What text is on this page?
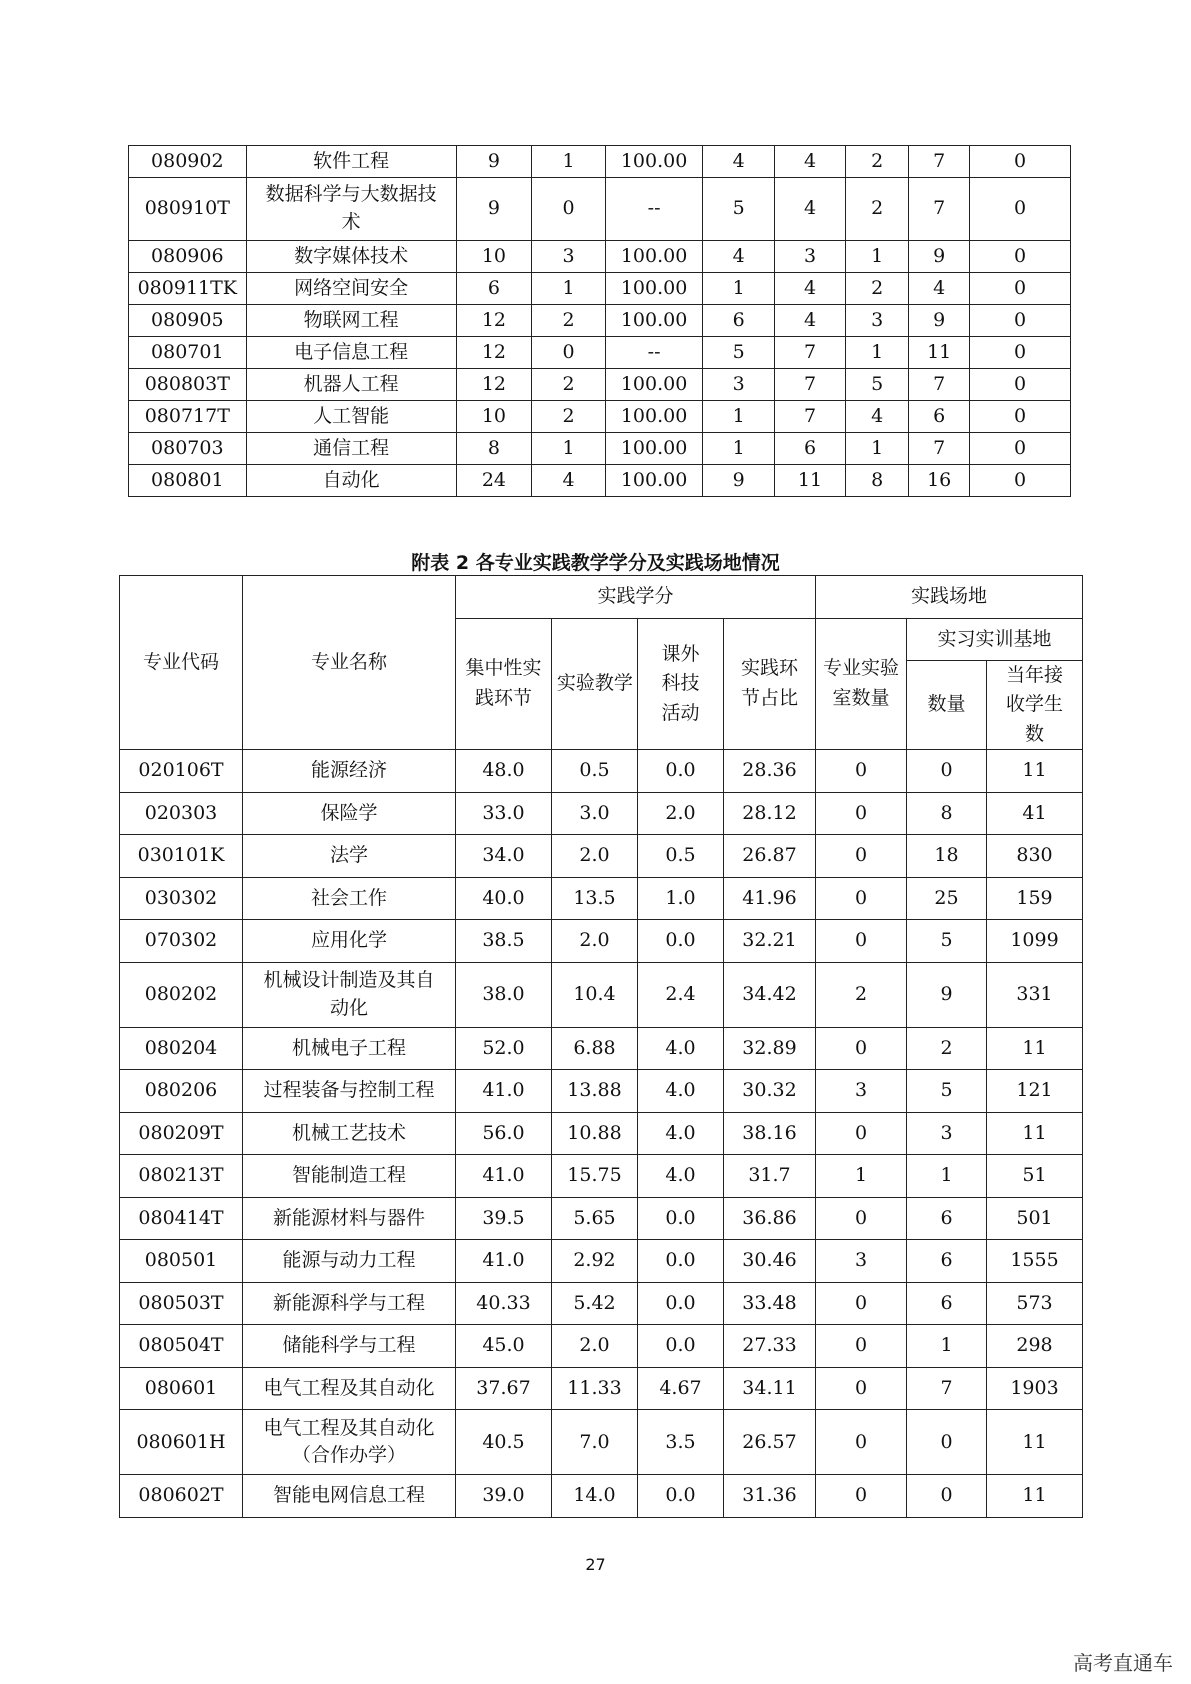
080902	软件工程	9	1	100.00	4	4	2	7	0
080910T	数据科学与大数据技术	9	0	--	5	4	2	7	0
080906	数字媒体技术	10	3	100.00	4	3	1	9	0
080911TK	网络空间安全	6	1	100.00	1	4	2	4	0
080905	物联网工程	12	2	100.00	6	4	3	9	0
080701	电子信息工程	12	0	--	5	7	1	11	0
080803T	机器人工程	12	2	100.00	3	7	5	7	0
080717T	人工智能	10	2	100.00	1	7	4	6	0
080703	通信工程	8	1	100.00	1	6	1	7	0
080801	自动化	24	4	100.00	9	11	8	16	0
附表 2 各专业实践教学学分及实践场地情况
专业代码	专业名称	实践学分				实践场地		

		集中性实践环节	实验教学	课外科技活动	实践环节占比	专业实验室数量	实习实训基地	
							数量	当年接收学生数

020106T	能源经济	48.0	0.5	0.0	28.36	0	0	11
020303	保险学	33.0	3.0	2.0	28.12	0	8	41
030101K	法学	34.0	2.0	0.5	26.87	0	18	830
030302	社会工作	40.0	13.5	1.0	41.96	0	25	159
070302	应用化学	38.5	2.0	0.0	32.21	0	5	1099
080202	机械设计制造及其自动化	38.0	10.4	2.4	34.42	2	9	331
080204	机械电子工程	52.0	6.88	4.0	32.89	0	2	11
080206	过程装备与控制工程	41.0	13.88	4.0	30.32	3	5	121
080209T	机械工艺技术	56.0	10.88	4.0	38.16	0	3	11
080213T	智能制造工程	41.0	15.75	4.0	31.7	1	1	51
080414T	新能源材料与器件	39.5	5.65	0.0	36.86	0	6	501
080501	能源与动力工程	41.0	2.92	0.0	30.46	3	6	1555
080503T	新能源科学与工程	40.33	5.42	0.0	33.48	0	6	573
080504T	储能科学与工程	45.0	2.0	0.0	27.33	0	1	298
080601	电气工程及其自动化	37.67	11.33	4.67	34.11	0	7	1903
080601H	电气工程及其自动化（合作办学）	40.5	7.0	3.5	26.57	0	0	11
080602T	智能电网信息工程	39.0	14.0	0.0	31.36	0	0	11
27
高考直通车
